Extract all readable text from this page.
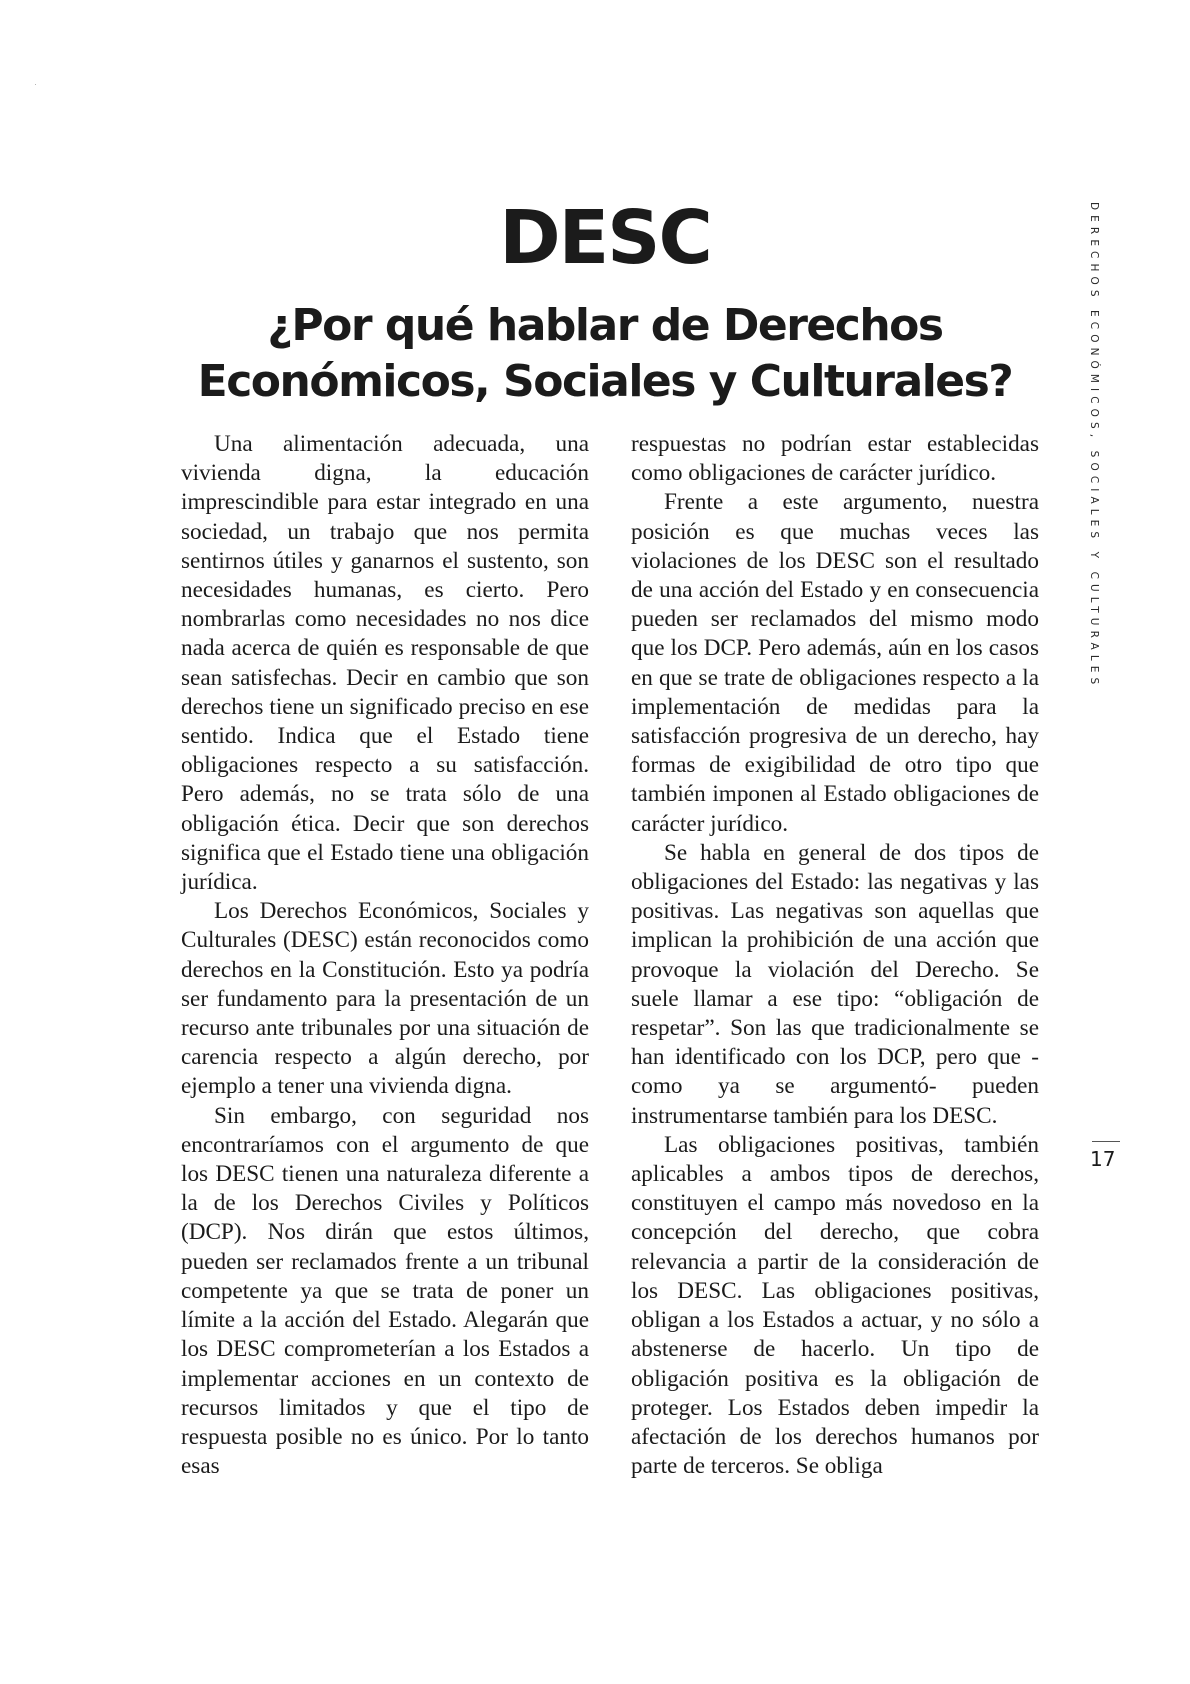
DESC
¿Por qué hablar de Derechos Económicos, Sociales y Culturales?

Una alimentación adecuada, una vivienda digna, la educación imprescindible para estar integrado en una sociedad, un trabajo que nos permita sentirnos útiles y ganarnos el sustento, son necesidades humanas, es cierto. Pero nombrarlas como necesidades no nos dice nada acerca de quién es responsable de que sean satisfechas. Decir en cambio que son derechos tiene un significado preciso en ese sentido. Indica que el Estado tiene obligaciones respecto a su satisfacción. Pero además, no se trata sólo de una obligación ética. Decir que son derechos significa que el Estado tiene una obligación jurídica.

Los Derechos Económicos, Sociales y Culturales (DESC) están reconocidos como derechos en la Constitución. Esto ya podría ser fundamento para la presentación de un recurso ante tribunales por una situación de carencia respecto a algún derecho, por ejemplo a tener una vivienda digna.

Sin embargo, con seguridad nos encontraríamos con el argumento de que los DESC tienen una naturaleza diferente a la de los Derechos Civiles y Políticos (DCP). Nos dirán que estos últimos, pueden ser reclamados frente a un tribunal competente ya que se trata de poner un límite a la acción del Estado. Alegarán que los DESC comprometerían a los Estados a implementar acciones en un contexto de recursos limitados y que el tipo de respuesta posible no es único. Por lo tanto esas

respuestas no podrían estar establecidas como obligaciones de carácter jurídico.

Frente a este argumento, nuestra posición es que muchas veces las violaciones de los DESC son el resultado de una acción del Estado y en consecuencia pueden ser reclamados del mismo modo que los DCP. Pero además, aún en los casos en que se trate de obligaciones respecto a la implementación de medidas para la satisfacción progresiva de un derecho, hay formas de exigibilidad de otro tipo que también imponen al Estado obligaciones de carácter jurídico.

Se habla en general de dos tipos de obligaciones del Estado: las negativas y las positivas. Las negativas son aquellas que implican la prohibición de una acción que provoque la violación del Derecho. Se suele llamar a ese tipo: “obligación de respetar”. Son las que tradicionalmente se han identificado con los DCP, pero que -como ya se argumentó- pueden instrumentarse también para los DESC.

Las obligaciones positivas, también aplicables a ambos tipos de derechos, constituyen el campo más novedoso en la concepción del derecho, que cobra relevancia a partir de la consideración de los DESC. Las obligaciones positivas, obligan a los Estados a actuar, y no sólo a abstenerse de hacerlo. Un tipo de obligación positiva es la obligación de proteger. Los Estados deben impedir la afectación de los derechos humanos por parte de terceros. Se obliga

DERECHOS ECONÓMICOS, SOCIALES Y CULTURALES
17
